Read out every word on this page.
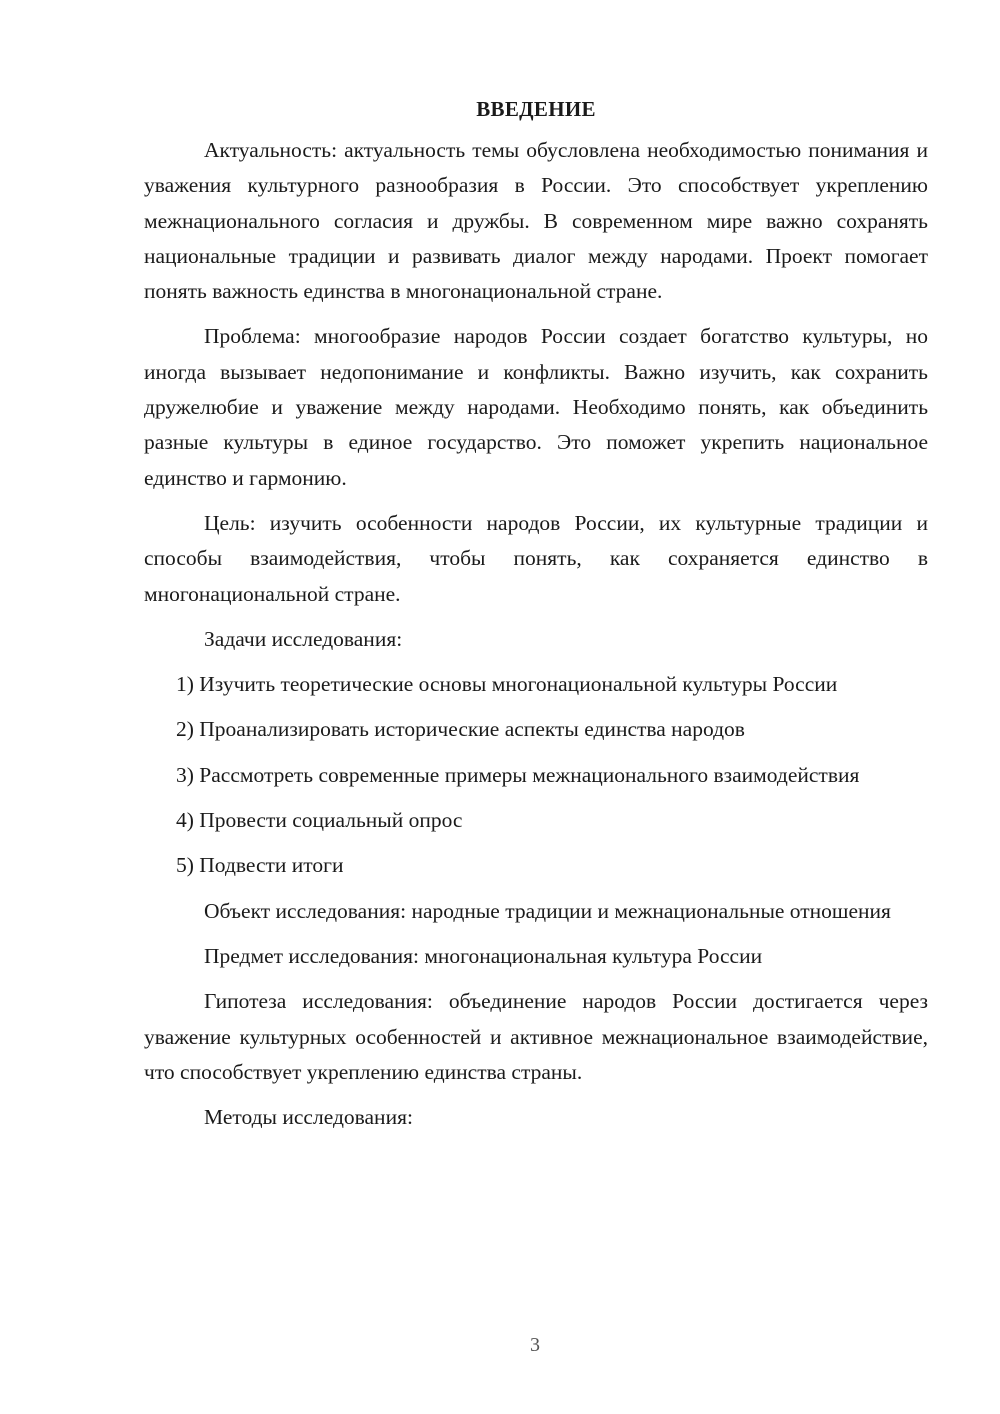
ВВЕДЕНИЕ

Актуальность: актуальность темы обусловлена необходимостью понимания и уважения культурного разнообразия в России. Это способствует укреплению межнационального согласия и дружбы. В современном мире важно сохранять национальные традиции и развивать диалог между народами. Проект помогает понять важность единства в многонациональной стране.

Проблема: многообразие народов России создает богатство культуры, но иногда вызывает недопонимание и конфликты. Важно изучить, как сохранить дружелюбие и уважение между народами. Необходимо понять, как объединить разные культуры в единое государство. Это поможет укрепить национальное единство и гармонию.

Цель: изучить особенности народов России, их культурные традиции и способы взаимодействия, чтобы понять, как сохраняется единство в многонациональной стране.

Задачи исследования:

1) Изучить теоретические основы многонациональной культуры России

2) Проанализировать исторические аспекты единства народов

3) Рассмотреть современные примеры межнационального взаимодействия

4) Провести социальный опрос

5) Подвести итоги

Объект исследования: народные традиции и межнациональные отношения

Предмет исследования: многонациональная культура России

Гипотеза исследования: объединение народов России достигается через уважение культурных особенностей и активное межнациональное взаимодействие, что способствует укреплению единства страны.

Методы исследования:

3
